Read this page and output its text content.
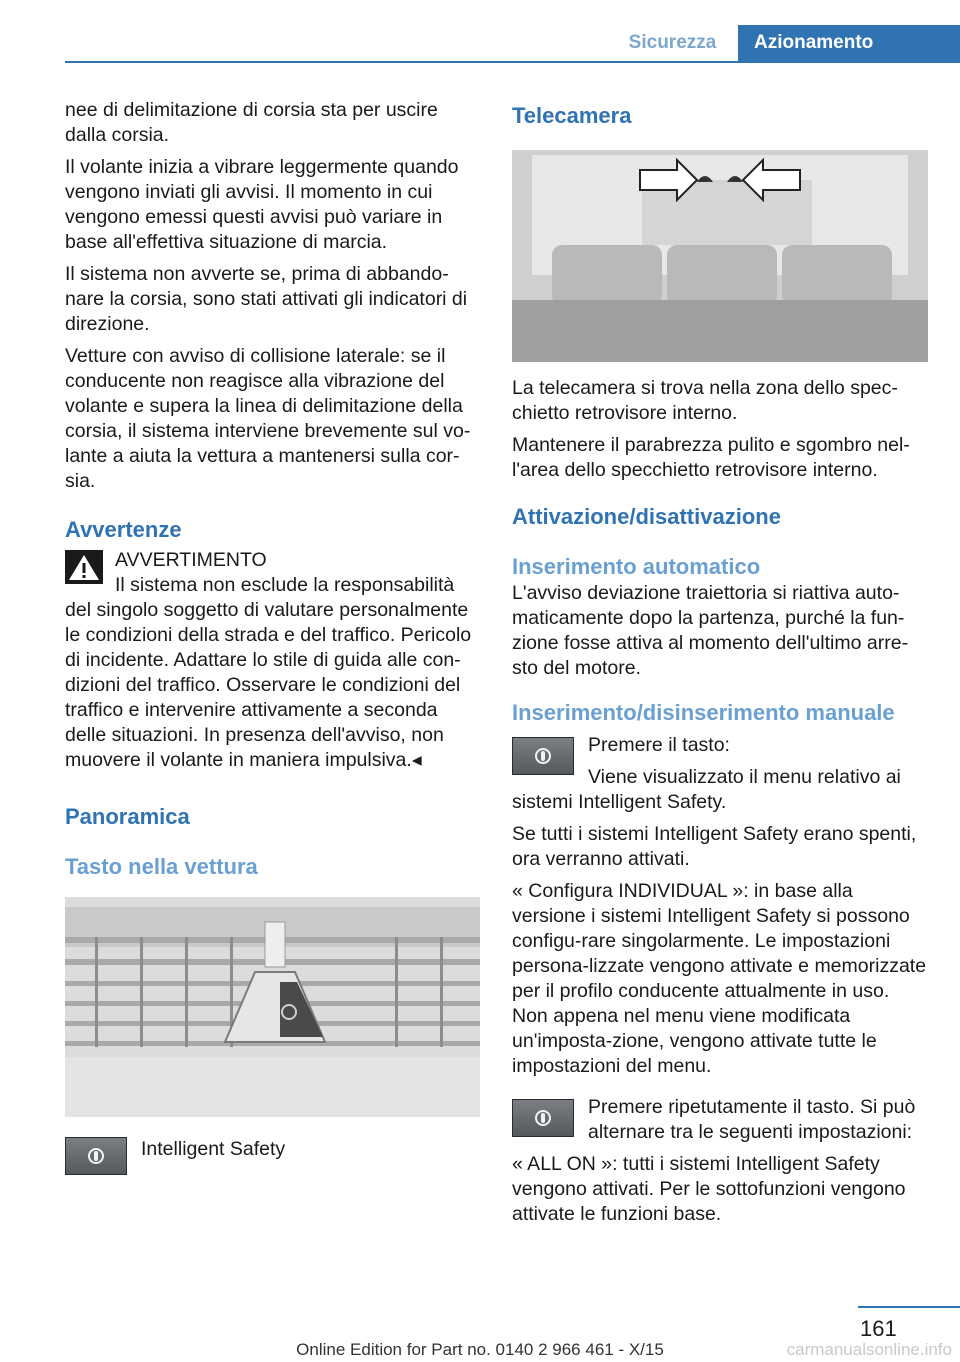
Sicurezza	Azionamento

nee di delimitazione di corsia sta per uscire dalla corsia.

Il volante inizia a vibrare leggermente quando vengono inviati gli avvisi. Il momento in cui vengono emessi questi avvisi può variare in base all'effettiva situazione di marcia.

Il sistema non avverte se, prima di abbando-nare la corsia, sono stati attivati gli indicatori di direzione.

Vetture con avviso di collisione laterale: se il conducente non reagisce alla vibrazione del volante e supera la linea di delimitazione della corsia, il sistema interviene brevemente sul vo-lante a aiuta la vettura a mantenersi sulla cor-sia.

Avvertenze

AVVERTIMENTO

Il sistema non esclude la responsabilità del singolo soggetto di valutare personalmente le condizioni della strada e del traffico. Pericolo di incidente. Adattare lo stile di guida alle con-dizioni del traffico. Osservare le condizioni del traffico e intervenire attivamente a seconda delle situazioni. In presenza dell'avviso, non muovere il volante in maniera impulsiva.◂

Panoramica
Tasto nella vettura

Intelligent Safety

Telecamera

La telecamera si trova nella zona dello spec-chietto retrovisore interno.

Mantenere il parabrezza pulito e sgombro nel-l'area dello specchietto retrovisore interno.

Attivazione/disattivazione
Inserimento automatico

L'avviso deviazione traiettoria si riattiva auto-maticamente dopo la partenza, purché la fun-zione fosse attiva al momento dell'ultimo arre-sto del motore.

Inserimento/disinserimento manuale

Premere il tasto:

Viene visualizzato il menu relativo ai sistemi Intelligent Safety.

Se tutti i sistemi Intelligent Safety erano spenti, ora verranno attivati.

« Configura INDIVIDUAL »: in base alla versione i sistemi Intelligent Safety si possono configu-rare singolarmente. Le impostazioni persona-lizzate vengono attivate e memorizzate per il profilo conducente attualmente in uso. Non appena nel menu viene modificata un'imposta-zione, vengono attivate tutte le impostazioni del menu.

Premere ripetutamente il tasto. Si può alternare tra le seguenti impostazioni:

« ALL ON »: tutti i sistemi Intelligent Safety vengono attivati. Per le sottofunzioni vengono attivate le funzioni base.

161
Online Edition for Part no. 0140 2 966 461 - X/15	carmanualsonline.info
